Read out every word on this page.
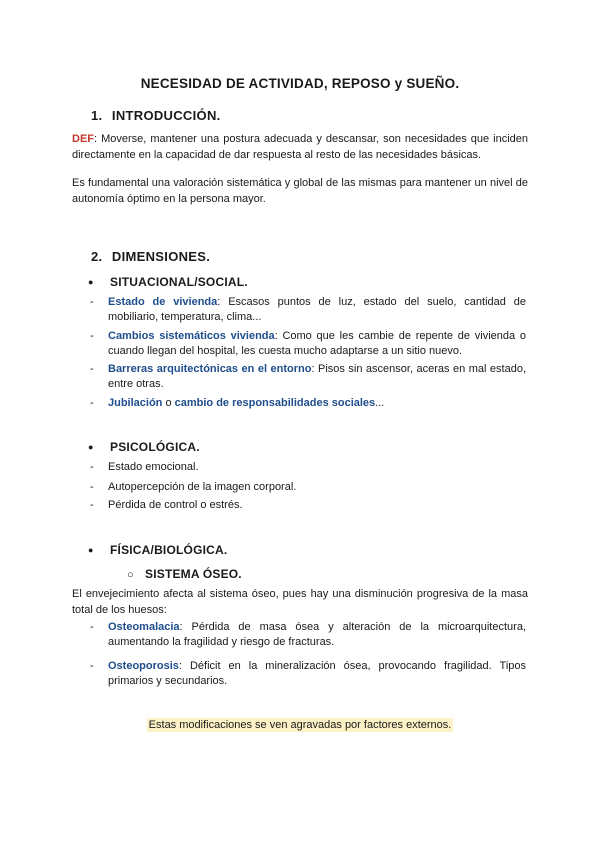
NECESIDAD DE ACTIVIDAD, REPOSO y SUEÑO.
1. INTRODUCCIÓN.
DEF: Moverse, mantener una postura adecuada y descansar, son necesidades que inciden directamente en la capacidad de dar respuesta al resto de las necesidades básicas.
Es fundamental una valoración sistemática y global de las mismas para mantener un nivel de autonomía óptimo en la persona mayor.
2. DIMENSIONES.
● SITUACIONAL/SOCIAL.
- Estado de vivienda: Escasos puntos de luz, estado del suelo, cantidad de mobiliario, temperatura, clima...
- Cambios sistemáticos vivienda: Como que les cambie de repente de vivienda o cuando llegan del hospital, les cuesta mucho adaptarse a un sitio nuevo.
- Barreras arquitectónicas en el entorno: Pisos sin ascensor, aceras en mal estado, entre otras.
- Jubilación o cambio de responsabilidades sociales...
● PSICOLÓGICA.
- Estado emocional.
- Autopercepción de la imagen corporal.
- Pérdida de control o estrés.
● FÍSICA/BIOLÓGICA.
○ SISTEMA ÓSEO.
El envejecimiento afecta al sistema óseo, pues hay una disminución progresiva de la masa total de los huesos:
- Osteomalacia: Pérdida de masa ósea y alteración de la microarquitectura, aumentando la fragilidad y riesgo de fracturas.
- Osteoporosis: Déficit en la mineralización ósea, provocando fragilidad. Tipos primarios y secundarios.
Estas modificaciones se ven agravadas por factores externos.
